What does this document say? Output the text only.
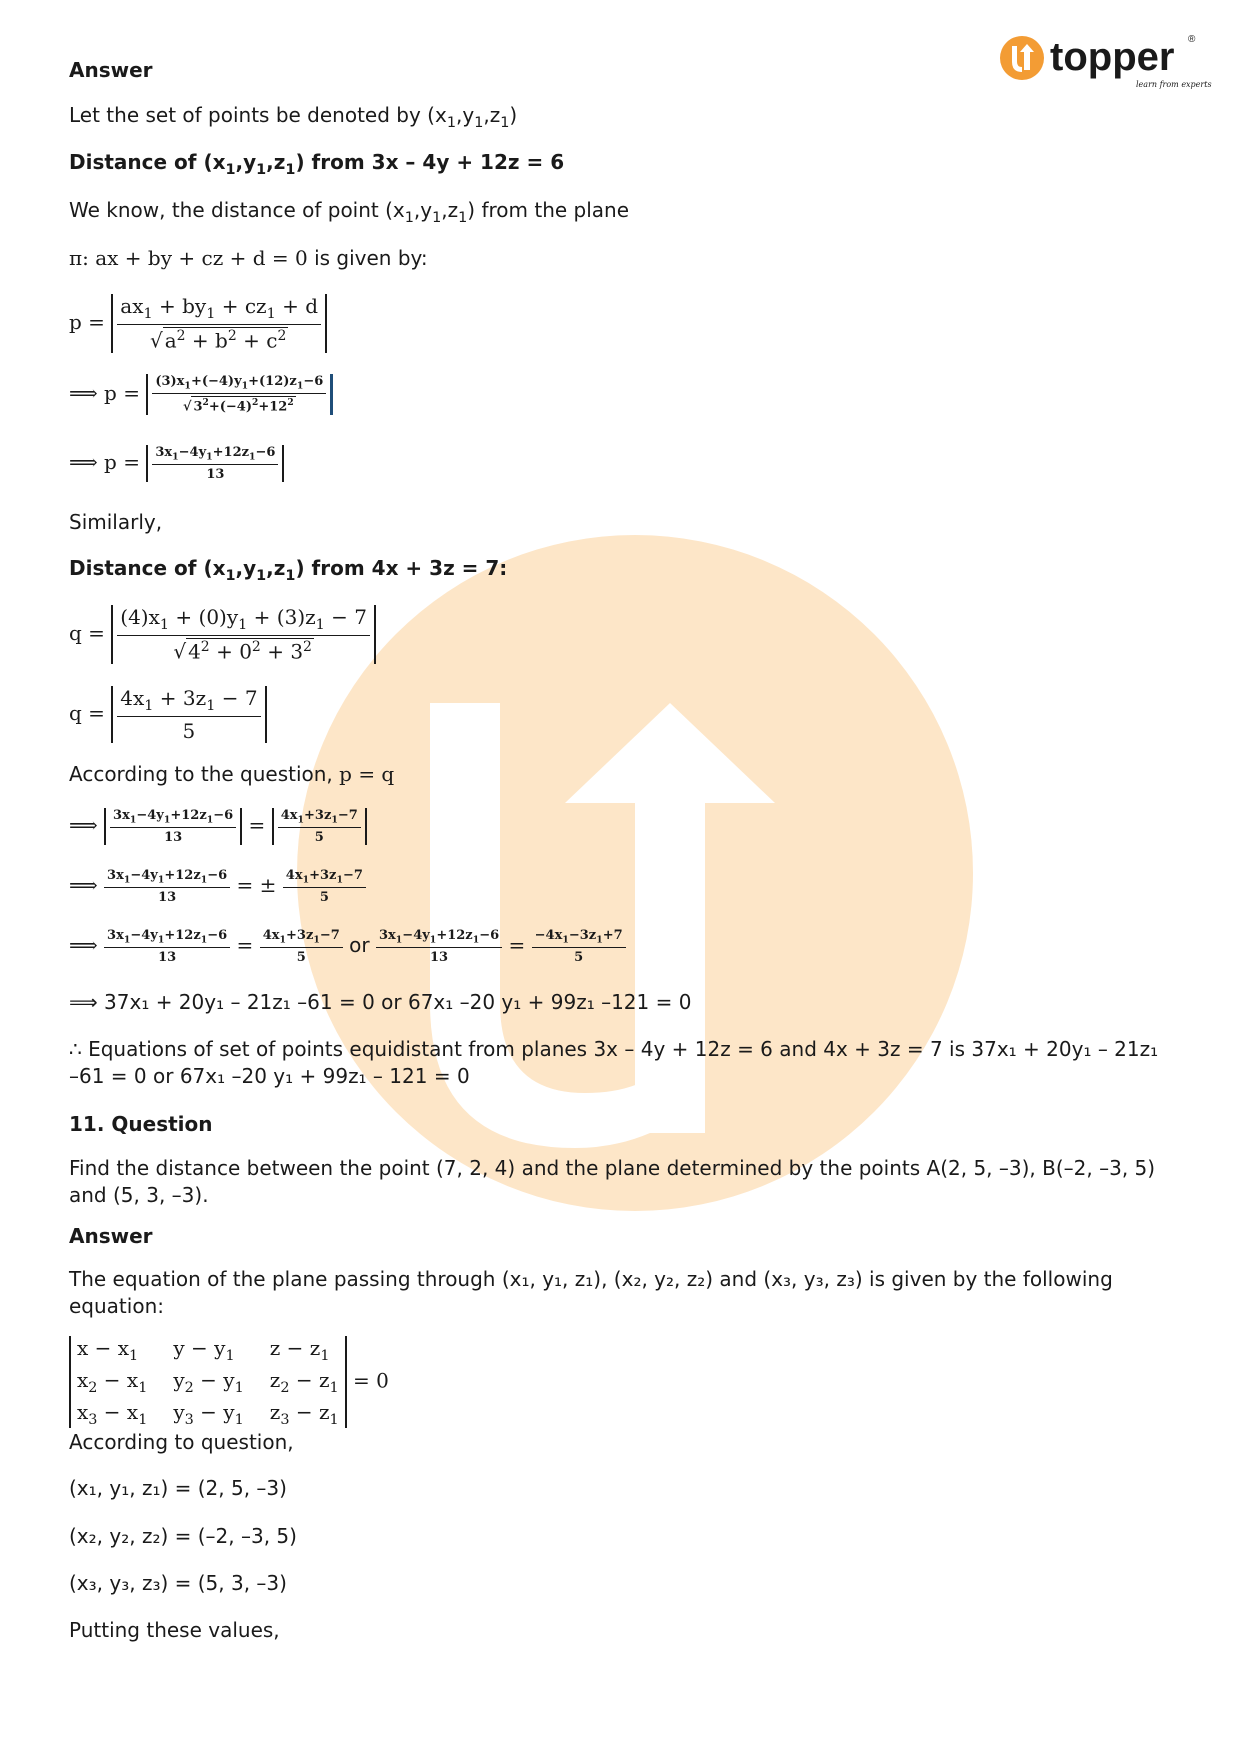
topper ®
learn from experts
Answer
Let the set of points be denoted by $(x_1,y_1,z_1)$
Distance of $(x_1,y_1,z_1)$ from 3x – 4y + 12z = 6
We know, the distance of point $(x_1,y_1,z_1)$ from the plane
π: ax + by + cz + d = 0 is given by:
$p = \frac{ax_1 + by_1 + cz_1 + d}{√ a^2 + b^2 + c^2}$
⟹ $p = \frac{(3)x_1+(-4)y_1+(12)z_1-6}{√ 3^2+(-4)^2+12^2}$
⟹ $p = \frac{3x_1-4y_1+12z_1-6}{13}$
Similarly,
Distance of $(x_1,y_1,z_1)$ from 4x + 3z = 7:
$q = \frac{(4)x_1 + (0)y_1 + (3)z_1 - 7}{√ 4^2 + 0^2 + 3^2}$
$q = \frac{4x_1 + 3z_1 - 7}{5}$
According to the question, p = q
⟹ $\frac{3x_1-4y_1+12z_1-6}{13} = \frac{4x_1+3z_1-7}{5}$
⟹ $\frac{3x_1-4y_1+12z_1-6}{13}$ = ± $\frac{4x_1+3z_1-7}{5}$
⟹ $\frac{3x_1-4y_1+12z_1-6}{13} = \frac{4x_1+3z_1-7}{5}$ or $\frac{3x_1-4y_1+12z_1-6}{13} = \frac{-4x_1-3z_1+7}{5}$
⟹ 37x₁ + 20y₁ – 21z₁ –61 = 0 or 67x₁ –20 y₁ + 99z₁ –121 = 0
∴ Equations of set of points equidistant from planes 3x – 4y + 12z = 6 and 4x + 3z = 7 is 37x₁ + 20y₁ – 21z₁
–61 = 0 or 67x₁ –20 y₁ + 99z₁ – 121 = 0
11. Question
Find the distance between the point (7, 2, 4) and the plane determined by the points A(2, 5, –3), B(–2, –3, 5) and (5, 3, –3).
Answer
The equation of the plane passing through (x₁, y₁, z₁), (x₂, y₂, z₂) and (x₃, y₃, z₃) is given by the following equation:
$x - x_1$	$y - y_1$	$z - z_1$
$x_2 - x_1$ $y_2 - y_1$ $z_2 - z_1$
$x_3 - x_1$ $y_3 - y_1$ $z_3 - z_1$
= 0
According to question,
(x₁, y₁, z₁) = (2, 5, –3)
(x₂, y₂, z₂) = (–2, –3, 5)
(x₃, y₃, z₃) = (5, 3, –3)
Putting these values,
